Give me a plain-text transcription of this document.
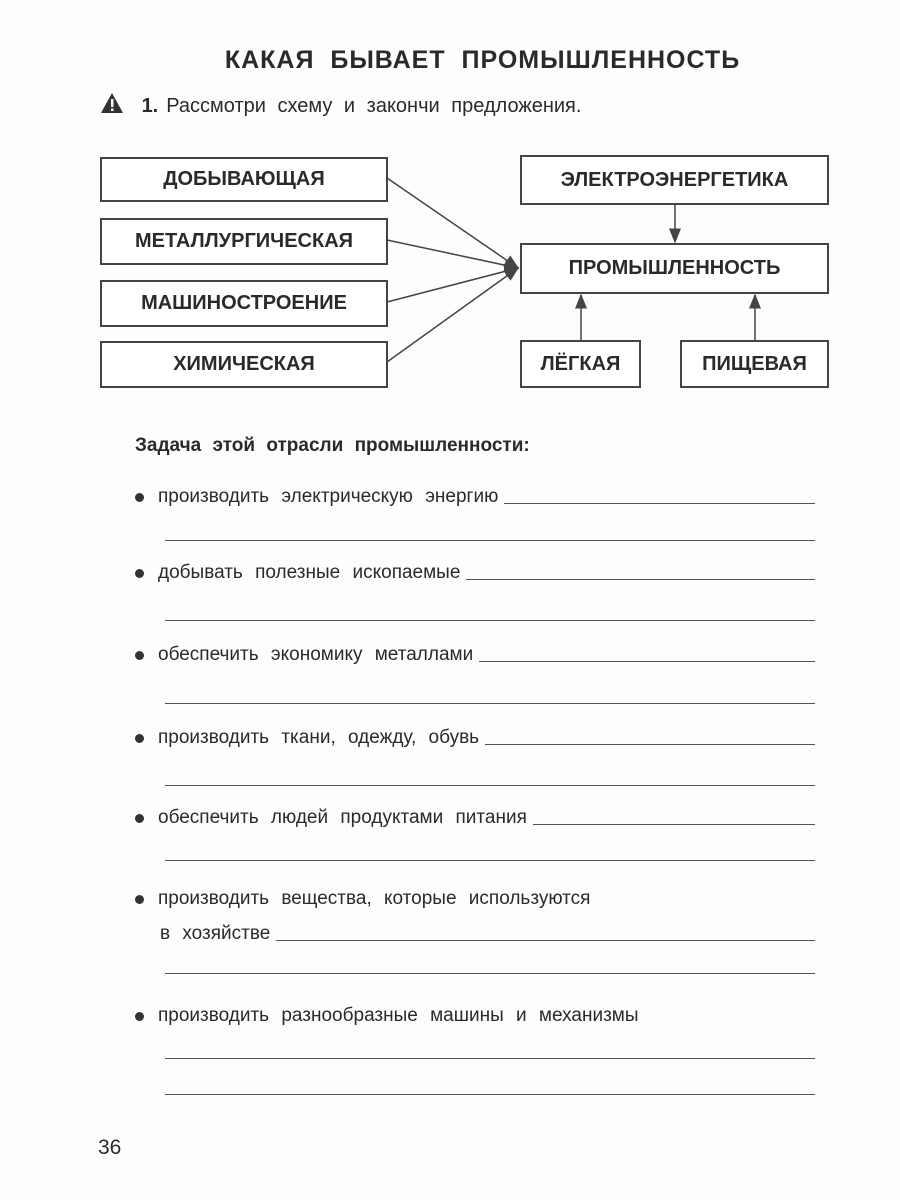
КАКАЯ БЫВАЕТ ПРОМЫШЛЕННОСТЬ
1. Рассмотри схему и закончи предложения.
ДОБЫВАЮЩАЯ
МЕТАЛЛУРГИЧЕСКАЯ
МАШИНОСТРОЕНИЕ
ХИМИЧЕСКАЯ
ЭЛЕКТРОЭНЕРГЕТИКА
ПРОМЫШЛЕННОСТЬ
ЛЁГКАЯ	ПИЩЕВАЯ
Задача этой отрасли промышленности:
производить электрическую энергию
добывать полезные ископаемые
обеспечить экономику металлами
производить ткани, одежду, обувь
обеспечить людей продуктами питания
производить вещества, которые используются
в хозяйстве
производить разнообразные машины и механизмы
36
